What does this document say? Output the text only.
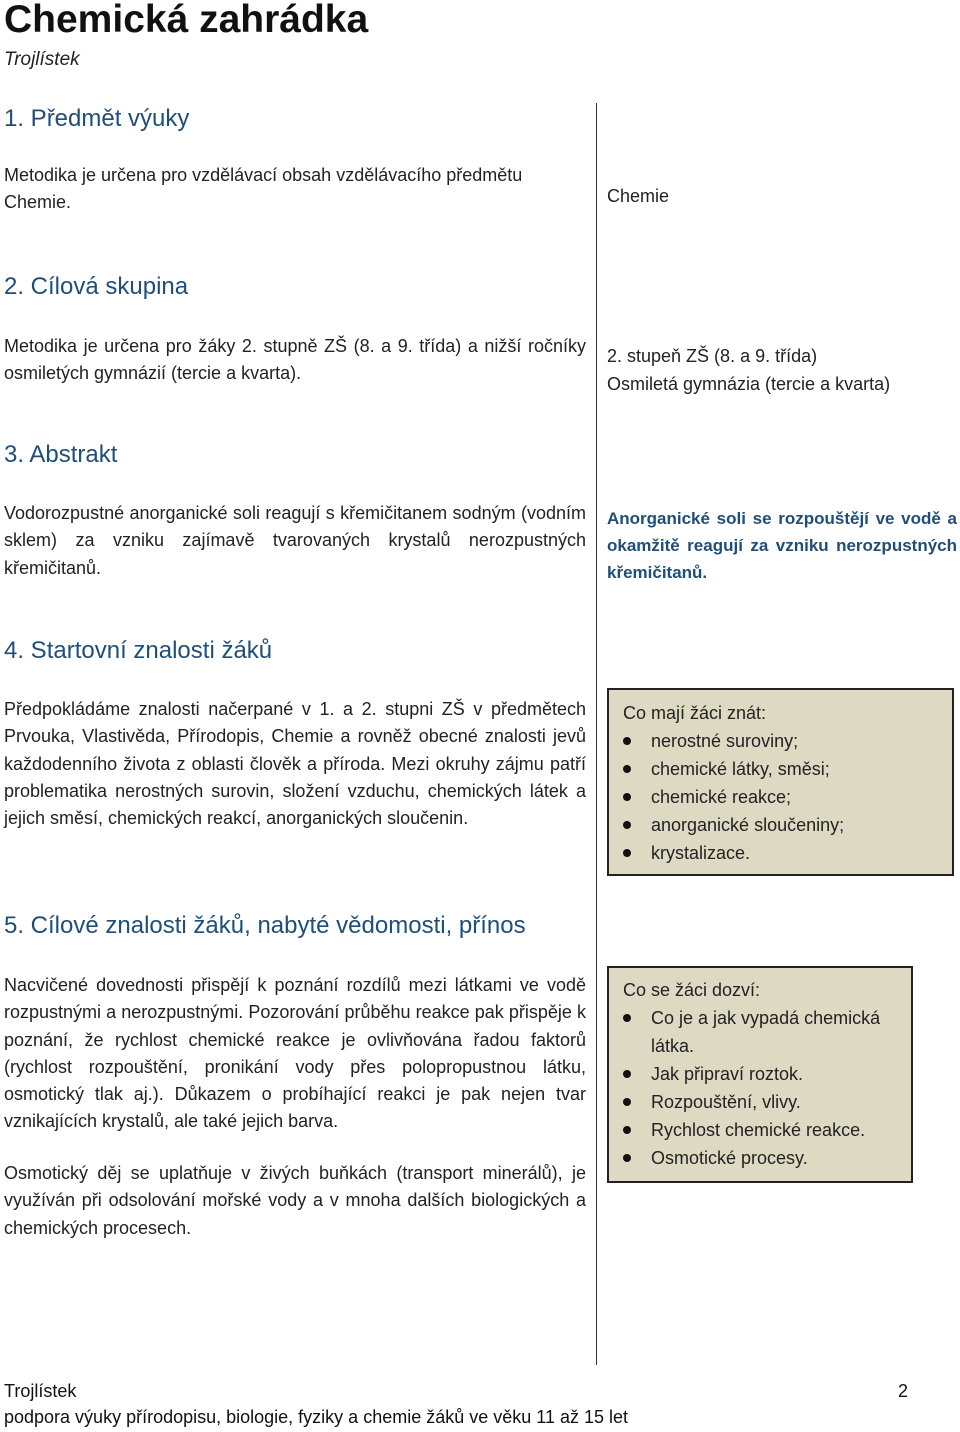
Chemická zahrádka
Trojlístek
1. Předmět výuky
Metodika je určena pro vzdělávací obsah vzdělávacího předmětu Chemie.	Chemie
2. Cílová skupina
Metodika je určena pro žáky 2. stupně ZŠ (8. a 9. třída) a nižší ročníky osmiletých gymnázií (tercie a kvarta).
2. stupeň ZŠ (8. a 9. třída)
Osmiletá gymnázia (tercie a kvarta)
3. Abstrakt
Vodorozpustné anorganické soli reagují s křemičitanem sodným (vodním sklem) za vzniku zajímavě tvarovaných krystalů nerozpustných křemičitanů.
Anorganické soli se rozpouštějí ve vodě a okamžitě reagují za vzniku nerozpustných křemičitanů.
4. Startovní znalosti žáků
Předpokládáme znalosti načerpané v 1. a 2. stupni ZŠ v předmětech Prvouka, Vlastivěda, Přírodopis, Chemie a rovněž obecné znalosti jevů každodenního života z oblasti člověk a příroda. Mezi okruhy zájmu patří problematika nerostných surovin, složení vzduchu, chemických látek a jejich směsí, chemických reakcí, anorganických sloučenin.
Co mají žáci znát:
nerostné suroviny;
chemické látky, směsi;
chemické reakce;
anorganické sloučeniny;
krystalizace.
5. Cílové znalosti žáků, nabyté vědomosti, přínos
Nacvičené dovednosti přispějí k poznání rozdílů mezi látkami ve vodě rozpustnými a nerozpustnými. Pozorování průběhu reakce pak přispěje k poznání, že rychlost chemické reakce je ovlivňována řadou faktorů (rychlost rozpouštění, pronikání vody přes polopropustnou látku, osmotický tlak aj.). Důkazem o probíhající reakci je pak nejen tvar vznikajících krystalů, ale také jejich barva.
Osmotický děj se uplatňuje v živých buňkách (transport minerálů), je využíván při odsolování mořské vody a v mnoha dalších biologických a chemických procesech.
Co se žáci dozví:
Co je a jak vypadá chemická látka.
Jak připraví roztok.
Rozpouštění, vlivy.
Rychlost chemické reakce.
Osmotické procesy.
Trojlístek	2
podpora výuky přírodopisu, biologie, fyziky a chemie žáků ve věku 11 až 15 let
